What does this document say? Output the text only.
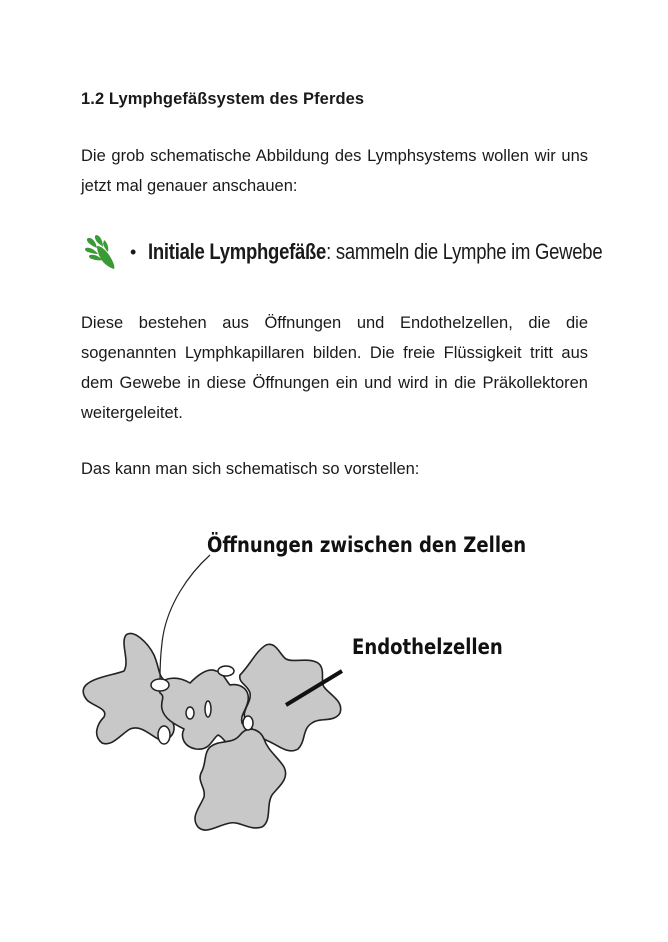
1.2 Lymphgefäßsystem des Pferdes
Die grob schematische Abbildung des Lymphsystems wollen wir uns jetzt mal genauer anschauen:
• Initiale Lymphgefäße: sammeln die Lymphe im Gewebe
Diese bestehen aus Öffnungen und Endothelzellen, die die sogenannten Lymphkapillaren bilden. Die freie Flüssigkeit tritt aus dem Gewebe in diese Öffnungen ein und wird in die Präkollektoren weitergeleitet.
Das kann man sich schematisch so vorstellen:
Öffnungen zwischen den Zellen
Endothelzellen
